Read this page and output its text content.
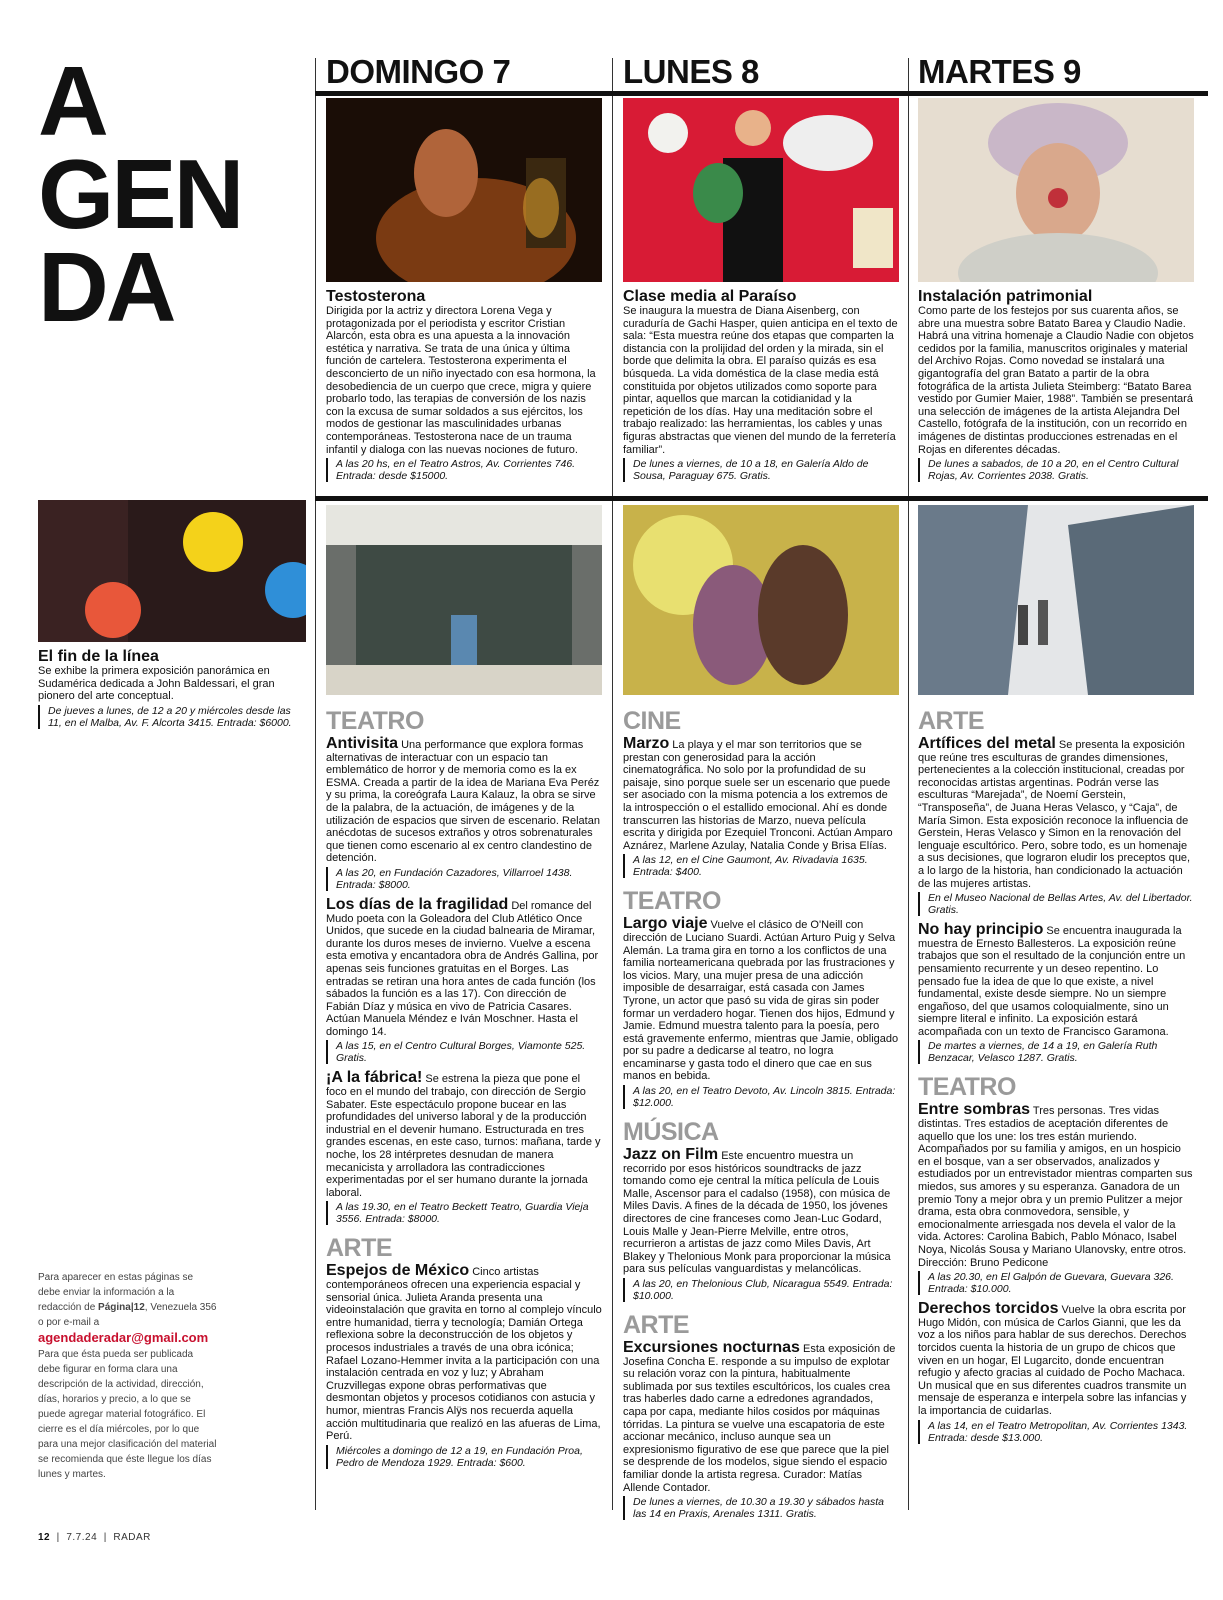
A
GEN
DA
DOMINGO 7	LUNES 8	MARTES 9

Testosterona

Dirigida por la actriz y directora Lorena Vega y protagonizada por el periodista y escritor Cristian Alarcón, esta obra es una apuesta a la innovación estética y narrativa. Se trata de una única y última función de cartelera. Testosterona experimenta el desconcierto de un niño inyectado con esa hormona, la desobediencia de un cuerpo que crece, migra y quiere probarlo todo, las terapias de conversión de los nazis con la excusa de sumar soldados a sus ejércitos, los modos de gestionar las masculinidades urbanas contemporáneas. Testosterona nace de un trauma infantil y dialoga con las nuevas nociones de futuro.

A las 20 hs, en el Teatro Astros, Av. Corrientes 746. Entrada: desde $15000.

Clase media al Paraíso

Se inaugura la muestra de Diana Aisenberg, con curaduría de Gachi Hasper, quien anticipa en el texto de sala: “Esta muestra reúne dos etapas que comparten la distancia con la prolijidad del orden y la mirada, sin el borde que delimita la obra. El paraíso quizás es esa búsqueda. La vida doméstica de la clase media está constituida por objetos utilizados como soporte para pintar, aquellos que marcan la cotidianidad y la repetición de los días. Hay una meditación sobre el trabajo realizado: las herramientas, los cables y unas figuras abstractas que vienen del mundo de la ferretería familiar”.

De lunes a viernes, de 10 a 18, en Galería Aldo de Sousa, Paraguay 675. Gratis.

Instalación patrimonial

Como parte de los festejos por sus cuarenta años, se abre una muestra sobre Batato Barea y Claudio Nadie. Habrá una vitrina homenaje a Claudio Nadie con objetos cedidos por la familia, manuscritos originales y material del Archivo Rojas. Como novedad se instalará una gigantografía del gran Batato a partir de la obra fotográfica de la artista Julieta Steimberg: “Batato Barea vestido por Gumier Maier, 1988”. También se presentará una selección de imágenes de la artista Alejandra Del Castello, fotógrafa de la institución, con un recorrido en imágenes de distintas producciones estrenadas en el Rojas en diferentes décadas.

De lunes a sabados, de 10 a 20, en el Centro Cultural Rojas, Av. Corrientes 2038. Gratis.

El fin de la línea

Se exhibe la primera exposición panorámica en Sudamérica dedicada a John Baldessari, el gran pionero del arte conceptual.

De jueves a lunes, de 12 a 20 y miércoles desde las 11, en el Malba, Av. F. Alcorta 3415. Entrada: $6000.	TEATRO

Antivisita Una performance que explora formas alternativas de interactuar con un espacio tan emblemático de horror y de memoria como es la ex ESMA. Creada a partir de la idea de Mariana Eva Peréz y su prima, la coreógrafa Laura Kalauz, la obra se sirve de la palabra, de la actuación, de imágenes y de la utilización de espacios que sirven de escenario. Relatan anécdotas de sucesos extraños y otros sobrenaturales que tienen como escenario al ex centro clandestino de detención.

A las 20, en Fundación Cazadores, Villarroel 1438. Entrada: $8000.

Los días de la fragilidad Del romance del Mudo poeta con la Goleadora del Club Atlético Once Unidos, que sucede en la ciudad balnearia de Miramar, durante los duros meses de invierno. Vuelve a escena esta emotiva y encantadora obra de Andrés Gallina, por apenas seis funciones gratuitas en el Borges. Las entradas se retiran una hora antes de cada función (los sábados la función es a las 17). Con dirección de Fabián Díaz y música en vivo de Patricia Casares. Actúan Manuela Méndez e Iván Moschner. Hasta el domingo 14.

A las 15, en el Centro Cultural Borges, Viamonte 525. Gratis.

¡A la fábrica! Se estrena la pieza que pone el foco en el mundo del trabajo, con dirección de Sergio Sabater. Este espectáculo propone bucear en las profundidades del universo laboral y de la producción industrial en el devenir humano. Estructurada en tres grandes escenas, en este caso, turnos: mañana, tarde y noche, los 28 intérpretes desnudan de manera mecanicista y arrolladora las contradicciones experimentadas por el ser humano durante la jornada laboral.

A las 19.30, en el Teatro Beckett Teatro, Guardia Vieja 3556. Entrada: $8000.

ARTE

Espejos de México Cinco artistas contemporáneos ofrecen una experiencia espacial y sensorial única. Julieta Aranda presenta una videoinstalación que gravita en torno al complejo vínculo entre humanidad, tierra y tecnología; Damián Ortega reflexiona sobre la deconstrucción de los objetos y procesos industriales a través de una obra icónica; Rafael Lozano-Hemmer invita a la participación con una instalación centrada en voz y luz; y Abraham Cruzvillegas expone obras performativas que desmontan objetos y procesos cotidianos con astucia y humor, mientras Francis Alÿs nos recuerda aquella acción multitudinaria que realizó en las afueras de Lima, Perú.

Miércoles a domingo de 12 a 19, en Fundación Proa, Pedro de Mendoza 1929. Entrada: $600.

CINE

Marzo La playa y el mar son territorios que se prestan con generosidad para la acción cinematográfica. No solo por la profundidad de su paisaje, sino porque suele ser un escenario que puede ser asociado con la misma potencia a los extremos de la introspección o el estallido emocional. Ahí es donde transcurren las historias de Marzo, nueva película escrita y dirigida por Ezequiel Tronconi. Actúan Amparo Aznárez, Marlene Azulay, Natalia Conde y Brisa Elías.

A las 12, en el Cine Gaumont, Av. Rivadavia 1635. Entrada: $400.

TEATRO

Largo viaje Vuelve el clásico de O'Neill con dirección de Luciano Suardi. Actúan Arturo Puig y Selva Alemán. La trama gira en torno a los conflictos de una familia norteamericana quebrada por las frustraciones y los vicios. Mary, una mujer presa de una adicción imposible de desarraigar, está casada con James Tyrone, un actor que pasó su vida de giras sin poder formar un verdadero hogar. Tienen dos hijos, Edmund y Jamie. Edmund muestra talento para la poesía, pero está gravemente enfermo, mientras que Jamie, obligado por su padre a dedicarse al teatro, no logra encaminarse y gasta todo el dinero que cae en sus manos en bebida.

A las 20, en el Teatro Devoto, Av. Lincoln 3815. Entrada: $12.000.

MÚSICA

Jazz on Film Este encuentro muestra un recorrido por esos históricos soundtracks de jazz tomando como eje central la mítica película de Louis Malle, Ascensor para el cadalso (1958), con música de Miles Davis. A fines de la década de 1950, los jóvenes directores de cine franceses como Jean-Luc Godard, Louis Malle y Jean-Pierre Melville, entre otros, recurrieron a artistas de jazz como Miles Davis, Art Blakey y Thelonious Monk para proporcionar la música para sus películas vanguardistas y melancólicas.

A las 20, en Thelonious Club, Nicaragua 5549. Entrada: $10.000.

ARTE

Excursiones nocturnas Esta exposición de Josefina Concha E. responde a su impulso de explotar su relación voraz con la pintura, habitualmente sublimada por sus textiles escultóricos, los cuales crea tras haberles dado carne a edredones agrandados, capa por capa, mediante hilos cosidos por máquinas tórridas. La pintura se vuelve una escapatoria de este accionar mecánico, incluso aunque sea un expresionismo figurativo de ese que parece que la piel se desprende de los modelos, sigue siendo el espacio familiar donde la artista regresa. Curador: Matías Allende Contador.

De lunes a viernes, de 10.30 a 19.30 y sábados hasta las 14 en Praxis, Arenales 1311. Gratis.

ARTE

Artífices del metal Se presenta la exposición que reúne tres esculturas de grandes dimensiones, pertenecientes a la colección institucional, creadas por reconocidas artistas argentinas. Podrán verse las esculturas “Marejada”, de Noemí Gerstein, “Transposeña”, de Juana Heras Velasco, y “Caja”, de María Simon. Esta exposición reconoce la influencia de Gerstein, Heras Velasco y Simon en la renovación del lenguaje escultórico. Pero, sobre todo, es un homenaje a sus decisiones, que lograron eludir los preceptos que, a lo largo de la historia, han condicionado la actuación de las mujeres artistas.

En el Museo Nacional de Bellas Artes, Av. del Libertador. Gratis.

No hay principio Se encuentra inaugurada la muestra de Ernesto Ballesteros. La exposición reúne trabajos que son el resultado de la conjunción entre un pensamiento recurrente y un deseo repentino. Lo pensado fue la idea de que lo que existe, a nivel fundamental, existe desde siempre. No un siempre engañoso, del que usamos coloquialmente, sino un siempre literal e infinito. La exposición estará acompañada con un texto de Francisco Garamona.

De martes a viernes, de 14 a 19, en Galería Ruth Benzacar, Velasco 1287. Gratis.

TEATRO

Entre sombras Tres personas. Tres vidas distintas. Tres estadios de aceptación diferentes de aquello que los une: los tres están muriendo. Acompañados por su familia y amigos, en un hospicio en el bosque, van a ser observados, analizados y estudiados por un entrevistador mientras comparten sus miedos, sus amores y su esperanza. Ganadora de un premio Tony a mejor obra y un premio Pulitzer a mejor drama, esta obra conmovedora, sensible, y emocionalmente arriesgada nos devela el valor de la vida. Actores: Carolina Babich, Pablo Mónaco, Isabel Noya, Nicolás Sousa y Mariano Ulanovsky, entre otros. Dirección: Bruno Pedicone

A las 20.30, en El Galpón de Guevara, Guevara 326. Entrada: $10.000.

Derechos torcidos Vuelve la obra escrita por Hugo Midón, con música de Carlos Gianni, que les da voz a los niños para hablar de sus derechos. Derechos torcidos cuenta la historia de un grupo de chicos que viven en un hogar, El Lugarcito, donde encuentran refugio y afecto gracias al cuidado de Pocho Machaca. Un musical que en sus diferentes cuadros transmite un mensaje de esperanza e interpela sobre las infancias y la importancia de cuidarlas.

A las 14, en el Teatro Metropolitan, Av. Corrientes 1343. Entrada: desde $13.000.

Para aparecer en estas páginas se debe enviar la información a la redacción de Página|12, Venezuela 356 o por e-mail a
agendaderadar@gmail.com
Para que ésta pueda ser publicada debe figurar en forma clara una descripción de la actividad, dirección, días, horarios y precio, a lo que se puede agregar material fotográfico. El cierre es el día miércoles, por lo que para una mejor clasificación del material se recomienda que éste llegue los días lunes y martes.
12  |  7.7.24  |  RADAR
